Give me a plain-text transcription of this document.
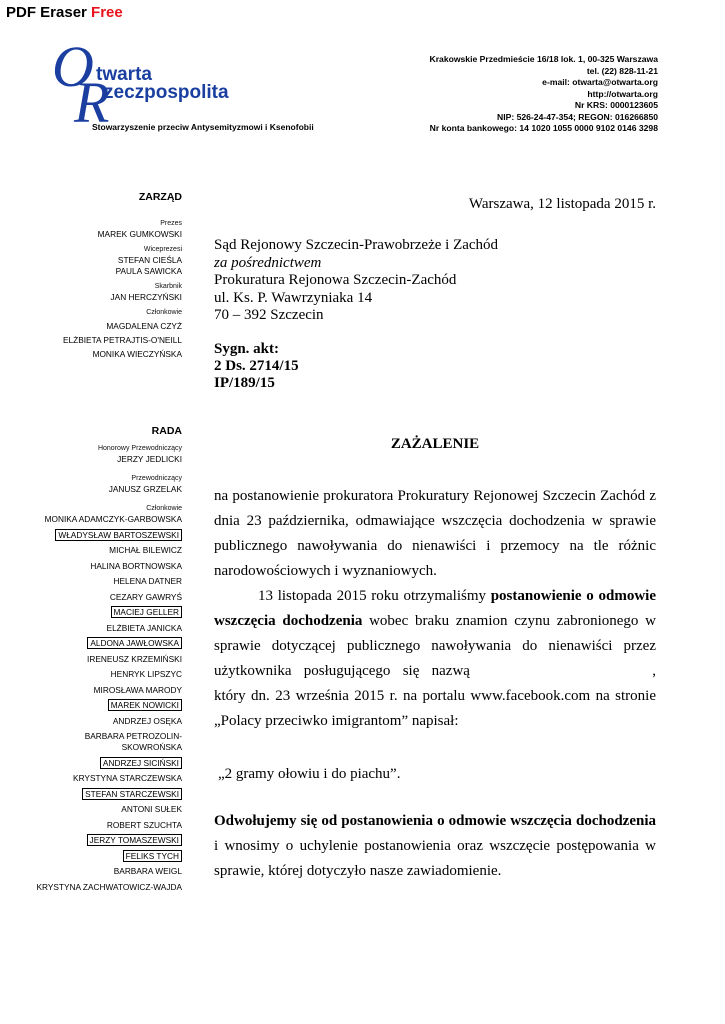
PDF Eraser Free
O
R
twarta
zeczpospolita
Stowarzyszenie przeciw Antysemityzmowi i Ksenofobii
Krakowskie Przedmieście 16/18 lok. 1, 00-325 Warszawa
tel. (22) 828-11-21
e-mail: otwarta@otwarta.org
http://otwarta.org
Nr KRS: 0000123605
NIP: 526-24-47-354; REGON: 016266850
Nr konta bankowego: 14 1020 1055 0000 9102 0146 3298
ZARZĄD
Prezes
MAREK GUMKOWSKI
Wiceprezesi
STEFAN CIEŚLA
PAULA SAWICKA
Skarbnik
JAN HERCZYŃSKI
Członkowie
MAGDALENA CZYŻ
ELŻBIETA PETRAJTIS-O'NEILL
MONIKA WIECZYŃSKA
RADA
Honorowy Przewodniczący
JERZY JEDLICKI
Przewodniczący
JANUSZ GRZELAK
Członkowie
MONIKA ADAMCZYK-GARBOWSKA
WŁADYSŁAW BARTOSZEWSKI
MICHAŁ BILEWICZ
HALINA BORTNOWSKA
HELENA DATNER
CEZARY GAWRYŚ
MACIEJ GELLER
ELŻBIETA JANICKA
ALDONA JAWŁOWSKA
IRENEUSZ KRZEMIŃSKI
HENRYK LIPSZYC
MIROSŁAWA MARODY
MAREK NOWICKI
ANDRZEJ OSĘKA
BARBARA PETROZOLIN-SKOWROŃSKA
ANDRZEJ SICIŃSKI
KRYSTYNA STARCZEWSKA
STEFAN STARCZEWSKI
ANTONI SUŁEK
ROBERT SZUCHTA
JERZY TOMASZEWSKI
FELIKS TYCH
BARBARA WEIGL
KRYSTYNA ZACHWATOWICZ-WAJDA

Warszawa, 12 listopada 2015 r.

Sąd Rejonowy Szczecin-Prawobrzeże i Zachód
za pośrednictwem
Prokuratura Rejonowa Szczecin-Zachód
ul. Ks. P. Wawrzyniaka 14
70 – 392 Szczecin
Sygn. akt:
2 Ds. 2714/15
IP/189/15
ZAŻALENIE

na postanowienie prokuratora Prokuratury Rejonowej Szczecin Zachód z dnia 23 października, odmawiające wszczęcia dochodzenia w sprawie publicznego nawoływania do nienawiści i przemocy na tle różnic narodowościowych i wyznaniowych.

13 listopada 2015 roku otrzymaliśmy postanowienie o odmowie wszczęcia dochodzenia wobec braku znamion czynu zabronionego w sprawie dotyczącej publicznego nawoływania do nienawiści przez użytkownika posługującego się nazwą	, który dn. 23 września 2015 r. na portalu www.facebook.com na stronie „Polacy przeciwko imigrantom” napisał:

„2 gramy ołowiu i do piachu”.

Odwołujemy się od postanowienia o odmowie wszczęcia dochodzenia i wnosimy o uchylenie postanowienia oraz wszczęcie postępowania w sprawie, której dotyczyło nasze zawiadomienie.
